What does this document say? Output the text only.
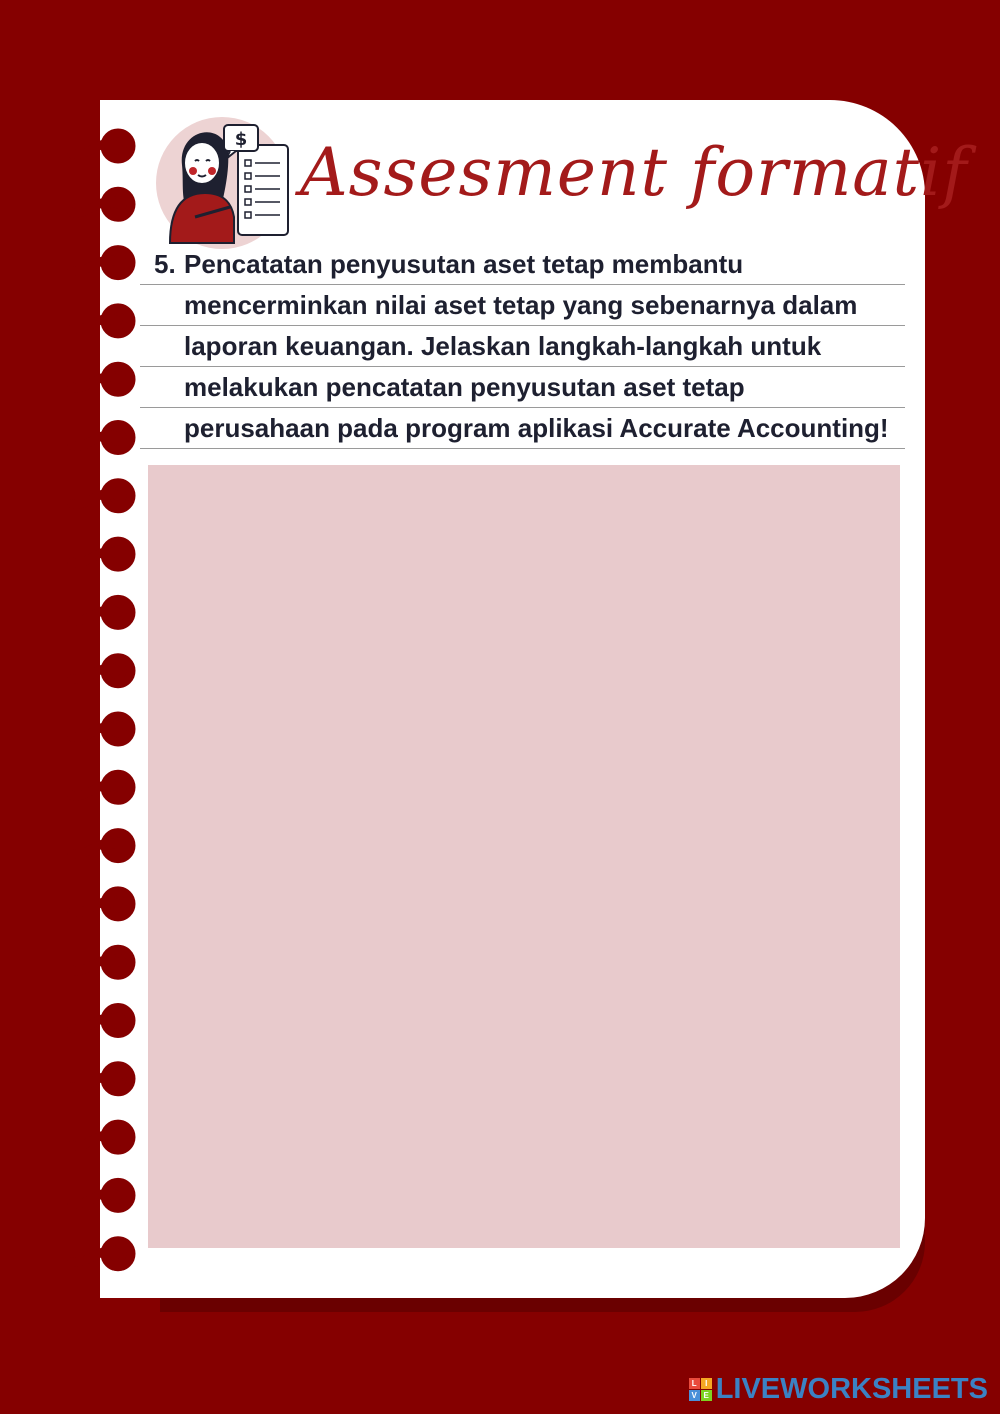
$ Assesment formatif
5. Pencatatan penyusutan aset tetap membantu
mencerminkan nilai aset tetap yang sebenarnya dalam
laporan keuangan. Jelaskan langkah-langkah untuk
melakukan pencatatan penyusutan aset tetap
perusahaan pada program aplikasi Accurate Accounting!
L	I
V E LIVEWORKSHEETS
